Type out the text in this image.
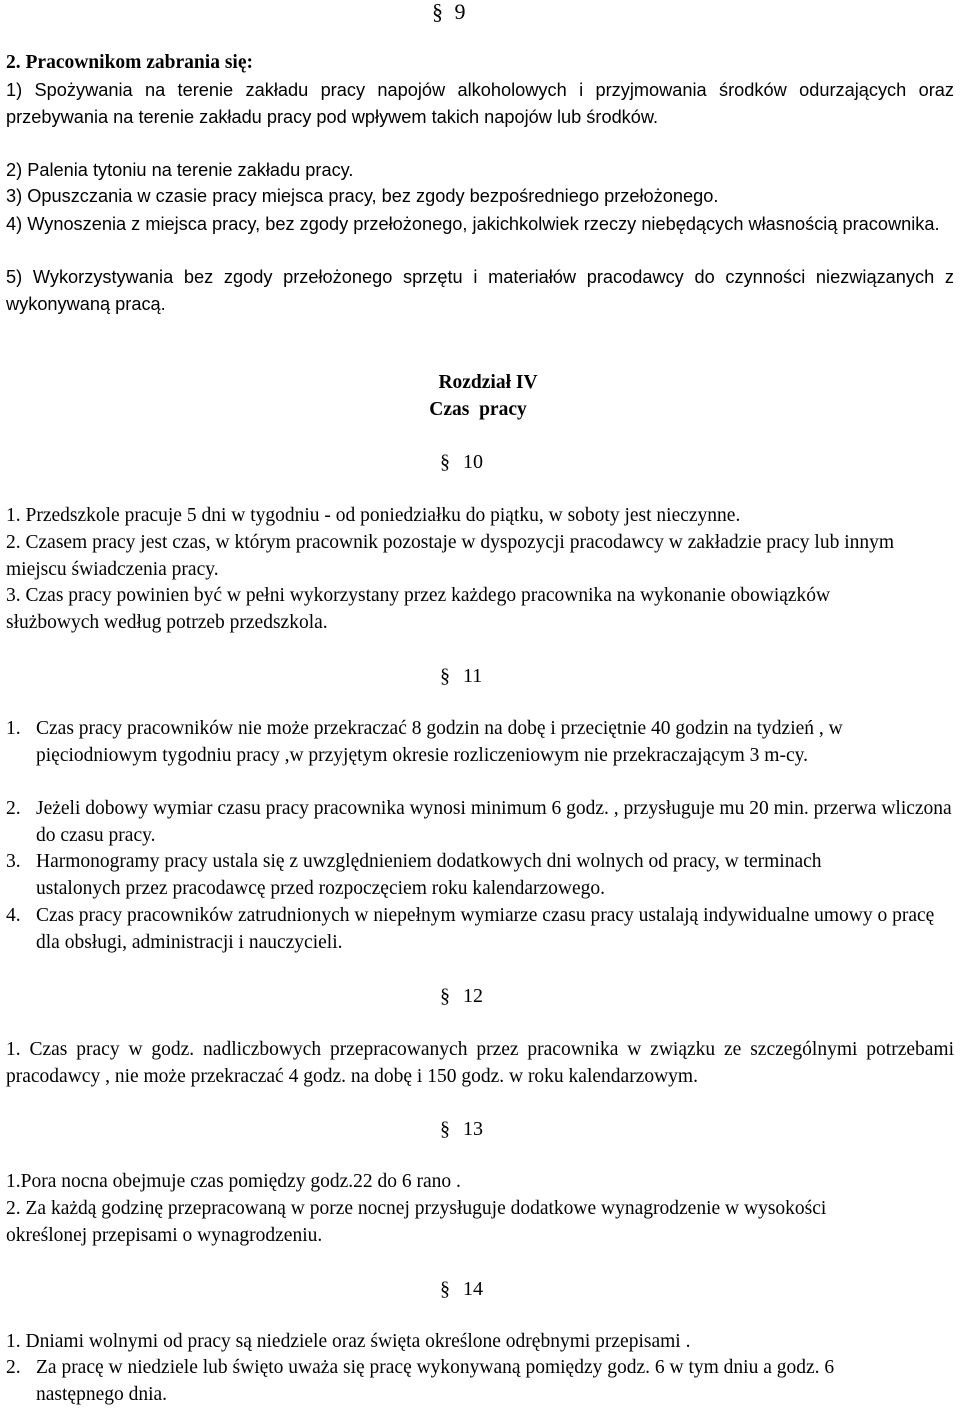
§ 9
2. Pracownikom zabrania się:
1) Spożywania na terenie zakładu pracy napojów alkoholowych i przyjmowania środków odurzających oraz przebywania na terenie zakładu pracy pod wpływem takich napojów lub środków.
2) Palenia tytoniu na terenie zakładu pracy.
3) Opuszczania w czasie pracy miejsca pracy, bez zgody bezpośredniego przełożonego.
4) Wynoszenia z miejsca pracy, bez zgody przełożonego, jakichkolwiek rzeczy niebędących własnością pracownika.
5) Wykorzystywania bez zgody przełożonego sprzętu i materiałów pracodawcy do czynności niezwiązanych z wykonywaną pracą.
Rozdział IV
Czas  pracy
§ 10
1. Przedszkole pracuje 5 dni w tygodniu - od poniedziałku do piątku, w soboty jest nieczynne.
2. Czasem pracy jest czas, w którym pracownik pozostaje w dyspozycji pracodawcy w zakładzie pracy lub innym miejscu świadczenia pracy.
3. Czas pracy powinien być w pełni wykorzystany przez każdego pracownika na wykonanie obowiązków służbowych według potrzeb przedszkola.
§ 11
1. Czas pracy pracowników nie może przekraczać 8 godzin na dobę i przeciętnie 40 godzin na tydzień , w pięciodniowym tygodniu pracy ,w przyjętym okresie rozliczeniowym nie przekraczającym 3 m-cy.
2. Jeżeli dobowy wymiar czasu pracy pracownika wynosi minimum 6 godz. , przysługuje mu 20 min. przerwa wliczona do czasu pracy.
3. Harmonogramy pracy ustala się z uwzględnieniem dodatkowych dni wolnych od pracy, w terminach ustalonych przez pracodawcę przed rozpoczęciem roku kalendarzowego.
4. Czas pracy pracowników zatrudnionych w niepełnym wymiarze czasu pracy ustalają indywidualne umowy o pracę dla obsługi, administracji i nauczycieli.
§ 12
1. Czas pracy w godz. nadliczbowych przepracowanych przez pracownika w związku ze szczególnymi potrzebami pracodawcy , nie może przekraczać 4 godz. na dobę i 150 godz. w roku kalendarzowym.
§ 13
1.Pora nocna obejmuje czas pomiędzy godz.22 do 6 rano .
2. Za każdą godzinę przepracowaną w porze nocnej przysługuje dodatkowe wynagrodzenie w wysokości określonej przepisami o wynagrodzeniu.
§ 14
1. Dniami wolnymi od pracy są niedziele oraz święta określone odrębnymi przepisami .
2. Za pracę w niedziele lub święto uważa się pracę wykonywaną pomiędzy godz. 6 w tym dniu a godz. 6 następnego dnia.
